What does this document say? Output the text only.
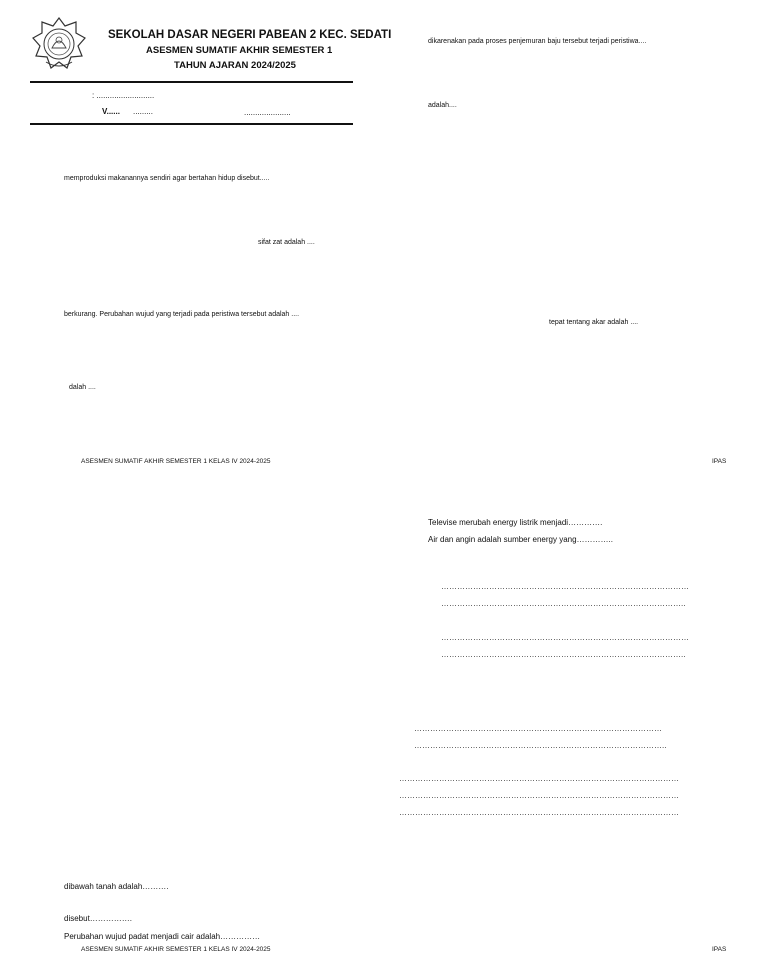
SEKOLAH DASAR NEGERI PABEAN 2 KEC. SEDATI
ASESMEN SUMATIF AKHIR SEMESTER 1
TAHUN AJARAN 2024/2025
: ..........................
V...... .........	.....................
memproduksi makanannya sendiri agar bertahan hidup disebut.....
sifat zat adalah ....
berkurang. Perubahan wujud yang terjadi pada peristiwa tersebut adalah ....
dalah ....
dikarenakan pada proses penjemuran baju tersebut terjadi peristiwa....
adalah....
tepat tentang akar adalah ....
ASESMEN SUMATIF AKHIR SEMESTER 1 KELAS IV 2024-2025	IPAS
Televise merubah energy listrik menjadi………….
Air dan angin adalah sumber energy yang…………..
…………………………………………………………………………………
………………………………………………………………………………..
…………………………………………………………………………………
………………………………………………………………………………..
…………………………………………………………………………………
…………………………………………………………………………………..
……………………………………………………………………………………………
……………………………………………………………………………………………
……………………………………………………………………………………………
dibawah tanah adalah……….
disebut…………….
Perubahan wujud padat menjadi cair adalah……………
ASESMEN SUMATIF AKHIR SEMESTER 1 KELAS IV 2024-2025	IPAS
